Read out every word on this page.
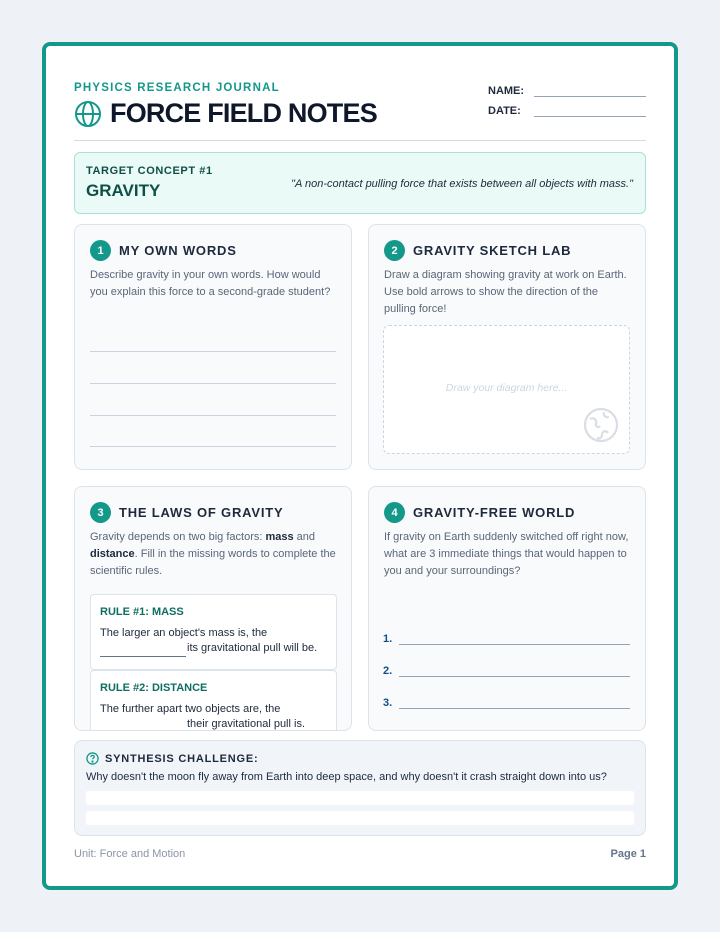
PHYSICS RESEARCH JOURNAL
FORCE FIELD NOTES
NAME:
DATE:
TARGET CONCEPT #1
GRAVITY	"A non-contact pulling force that exists between all objects with mass."
1	MY OWN WORDS
Describe gravity in your own words. How would you explain this force to a second-grade student?
2	GRAVITY SKETCH LAB
Draw a diagram showing gravity at work on Earth. Use bold arrows to show the direction of the pulling force!
Draw your diagram here...
3	THE LAWS OF GRAVITY
Gravity depends on two big factors: mass and distance. Fill in the missing words to complete the scientific rules.
RULE #1: MASS
The larger an object's mass is, the
its gravitational pull will be.
RULE #2: DISTANCE
The further apart two objects are, the
their gravitational pull is.
4	GRAVITY-FREE WORLD
If gravity on Earth suddenly switched off right now, what are 3 immediate things that would happen to you and your surroundings?
1.
2.
3.
SYNTHESIS CHALLENGE:
Why doesn't the moon fly away from Earth into deep space, and why doesn't it crash straight down into us?
Unit: Force and Motion	Page 1
